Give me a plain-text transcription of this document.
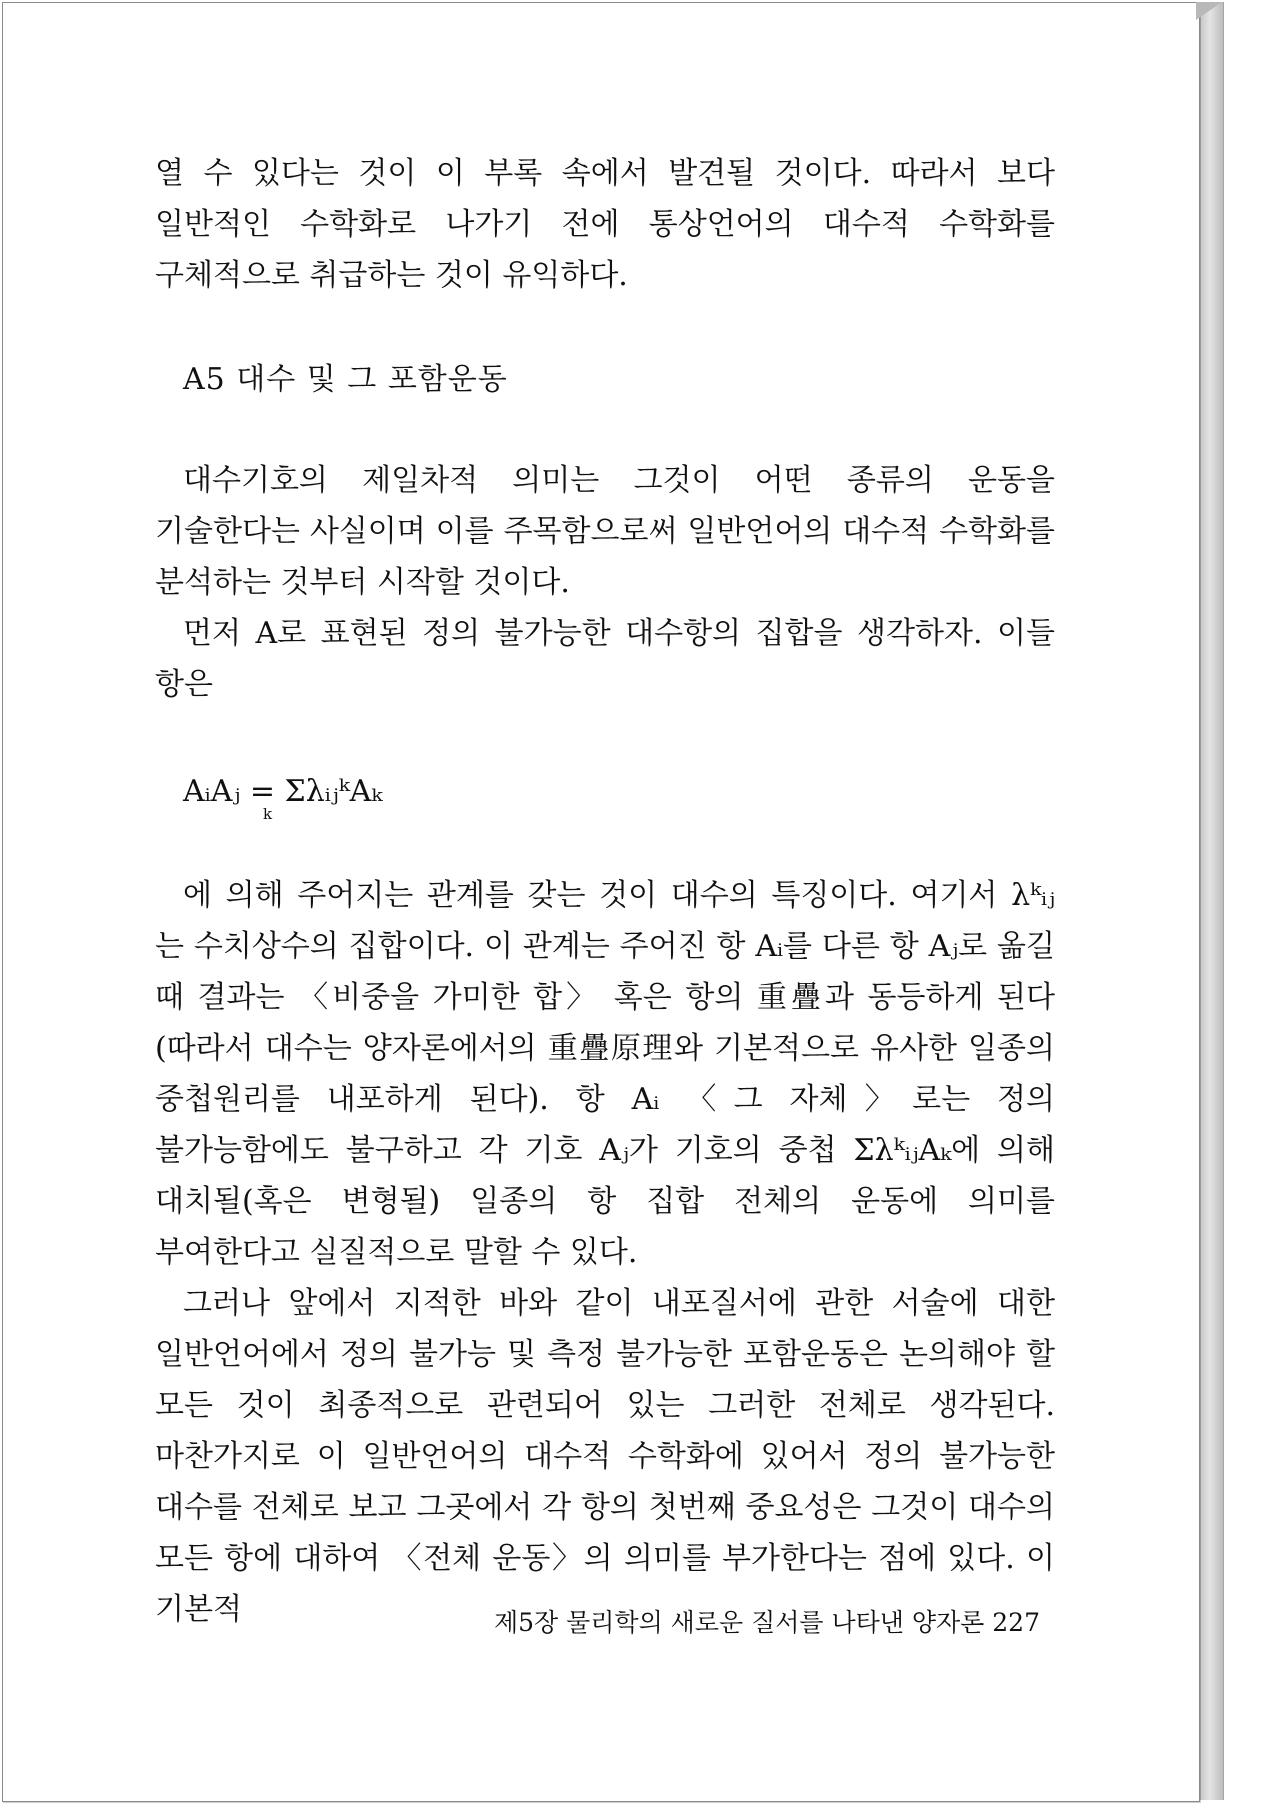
열 수 있다는 것이 이 부록 속에서 발견될 것이다. 따라서 보다 일반적인 수학화로 나가기 전에 통상언어의 대수적 수학화를 구체적으로 취급하는 것이 유익하다.

A5 대수 및 그 포함운동

대수기호의 제일차적 의미는 그것이 어떤 종류의 운동을 기술한다는 사실이며 이를 주목함으로써 일반언어의 대수적 수학화를 분석하는 것부터 시작할 것이다.

먼저 A로 표현된 정의 불가능한 대수항의 집합을 생각하자. 이들 항은

AᵢAⱼ = ΣλᵢⱼᵏAₖ
k

에 의해 주어지는 관계를 갖는 것이 대수의 특징이다. 여기서 λᵏᵢⱼ 는 수치상수의 집합이다. 이 관계는 주어진 항 Aᵢ를 다른 항 Aⱼ로 옮길 때 결과는 〈비중을 가미한 합〉 혹은 항의 重疊과 동등하게 된다(따라서 대수는 양자론에서의 重疊原理와 기본적으로 유사한 일종의 중첩원리를 내포하게 된다). 항 Aᵢ 〈그 자체〉로는 정의 불가능함에도 불구하고 각 기호 Aⱼ가 기호의 중첩 ΣλᵏᵢⱼAₖ에 의해 대치될(혹은 변형될) 일종의 항 집합 전체의 운동에 의미를 부여한다고 실질적으로 말할 수 있다.

그러나 앞에서 지적한 바와 같이 내포질서에 관한 서술에 대한 일반언어에서 정의 불가능 및 측정 불가능한 포함운동은 논의해야 할 모든 것이 최종적으로 관련되어 있는 그러한 전체로 생각된다. 마찬가지로 이 일반언어의 대수적 수학화에 있어서 정의 불가능한 대수를 전체로 보고 그곳에서 각 항의 첫번째 중요성은 그것이 대수의 모든 항에 대하여 〈전체 운동〉의 의미를 부가한다는 점에 있다. 이 기본적	제5장 물리학의 새로운 질서를 나타낸 양자론 227
